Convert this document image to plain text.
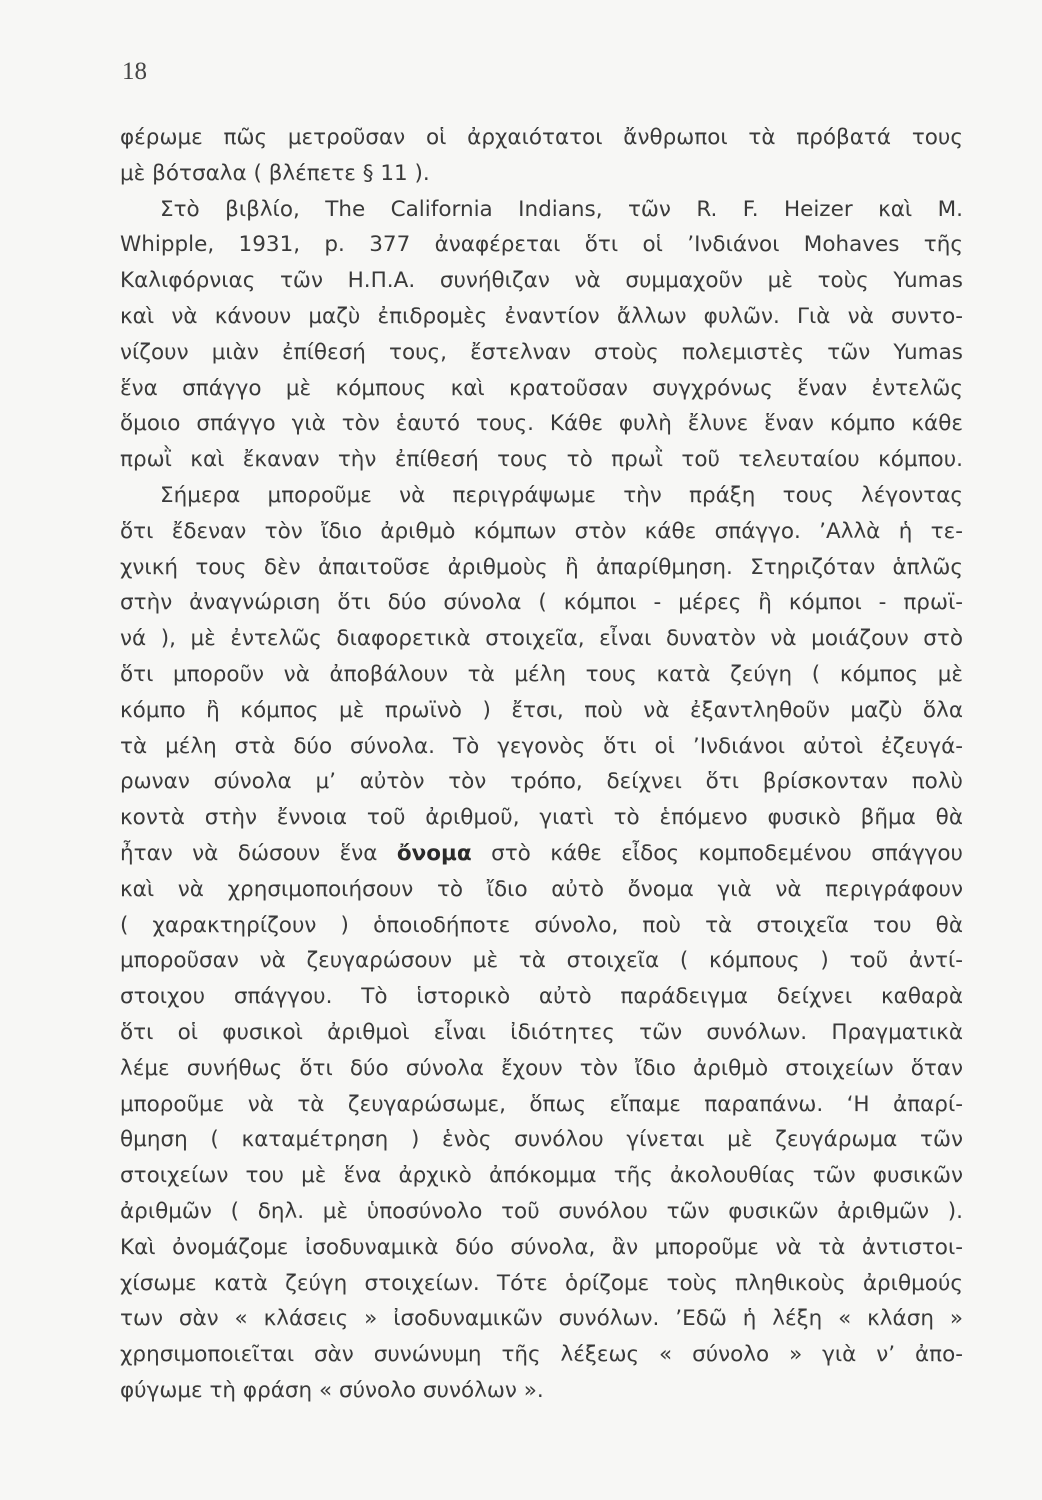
18
φέρωμε πῶς μετροῦσαν οἱ ἀρχαιότατοι ἄνθρωποι τὰ πρόβατά τους
μὲ βότσαλα ( βλέπετε § 11 ).
Στὸ βιβλίο, The California Indians, τῶν R. F. Heizer καὶ M.
Whipple, 1931, p. 377 ἀναφέρεται ὅτι οἱ ’Ινδιάνοι Mohaves τῆς
Καλιφόρνιας τῶν Η.Π.Α. συνήθιζαν νὰ συμμαχοῦν μὲ τοὺς Yumas
καὶ νὰ κάνουν μαζὺ ἐπιδρομὲς ἐναντίον ἄλλων φυλῶν. Γιὰ νὰ συντο-
νίζουν μιὰν ἐπίθεσή τους, ἔστελναν στοὺς πολεμιστὲς τῶν Yumas
ἕνα σπάγγο μὲ κόμπους καὶ κρατοῦσαν συγχρόνως ἕναν ἐντελῶς
ὅμοιο σπάγγο γιὰ τὸν ἑαυτό τους. Κάθε φυλὴ ἔλυνε ἕναν κόμπο κάθε
πρωῒ καὶ ἔκαναν τὴν ἐπίθεσή τους τὸ πρωῒ τοῦ τελευταίου κόμπου.
Σήμερα μποροῦμε νὰ περιγράψωμε τὴν πράξη τους λέγοντας
ὅτι ἔδεναν τὸν ἴδιο ἀριθμὸ κόμπων στὸν κάθε σπάγγο. ’Αλλὰ ἡ τε-
χνική τους δὲν ἀπαιτοῦσε ἀριθμοὺς ἢ ἀπαρίθμηση. Στηριζόταν ἁπλῶς
στὴν ἀναγνώριση ὅτι δύο σύνολα ( κόμποι - μέρες ἢ κόμποι - πρωϊ-
νά ), μὲ ἐντελῶς διαφορετικὰ στοιχεῖα, εἶναι δυνατὸν νὰ μοιάζουν στὸ
ὅτι μποροῦν νὰ ἀποβάλουν τὰ μέλη τους κατὰ ζεύγη ( κόμπος μὲ
κόμπο ἢ κόμπος μὲ πρωϊνὸ ) ἔτσι, ποὺ νὰ ἐξαντληθοῦν μαζὺ ὅλα
τὰ μέλη στὰ δύο σύνολα. Τὸ γεγονὸς ὅτι οἱ ’Ινδιάνοι αὐτοὶ ἐζευγά-
ρωναν σύνολα μ’ αὐτὸν τὸν τρόπο, δείχνει ὅτι βρίσκονταν πολὺ
κοντὰ στὴν ἔννοια τοῦ ἀριθμοῦ, γιατὶ τὸ ἑπόμενο φυσικὸ βῆμα θὰ
ἦταν νὰ δώσουν ἕνα ὄνομα στὸ κάθε εἶδος κομποδεμένου σπάγγου
καὶ νὰ χρησιμοποιήσουν τὸ ἴδιο αὐτὸ ὄνομα γιὰ νὰ περιγράφουν
( χαρακτηρίζουν ) ὁποιοδήποτε σύνολο, ποὺ τὰ στοιχεῖα του θὰ
μποροῦσαν νὰ ζευγαρώσουν μὲ τὰ στοιχεῖα ( κόμπους ) τοῦ ἀντί-
στοιχου σπάγγου. Τὸ ἱστορικὸ αὐτὸ παράδειγμα δείχνει καθαρὰ
ὅτι οἱ φυσικοὶ ἀριθμοὶ εἶναι ἰδιότητες τῶν συνόλων. Πραγματικὰ
λέμε συνήθως ὅτι δύο σύνολα ἔχουν τὸν ἴδιο ἀριθμὸ στοιχείων ὅταν
μποροῦμε νὰ τὰ ζευγαρώσωμε, ὅπως εἴπαμε παραπάνω. ‘Η ἀπαρί-
θμηση ( καταμέτρηση ) ἑνὸς συνόλου γίνεται μὲ ζευγάρωμα τῶν
στοιχείων του μὲ ἕνα ἀρχικὸ ἀπόκομμα τῆς ἀκολουθίας τῶν φυσικῶν
ἀριθμῶν ( δηλ. μὲ ὑποσύνολο τοῦ συνόλου τῶν φυσικῶν ἀριθμῶν ).
Καὶ ὀνομάζομε ἰσοδυναμικὰ δύο σύνολα, ἂν μποροῦμε νὰ τὰ ἀντιστοι-
χίσωμε κατὰ ζεύγη στοιχείων. Τότε ὁρίζομε τοὺς πληθικοὺς ἀριθμούς
των σὰν « κλάσεις » ἰσοδυναμικῶν συνόλων. ’Εδῶ ἡ λέξη « κλάση »
χρησιμοποιεῖται σὰν συνώνυμη τῆς λέξεως « σύνολο » γιὰ ν’ ἀπο-
φύγωμε τὴ φράση « σύνολο συνόλων ».
